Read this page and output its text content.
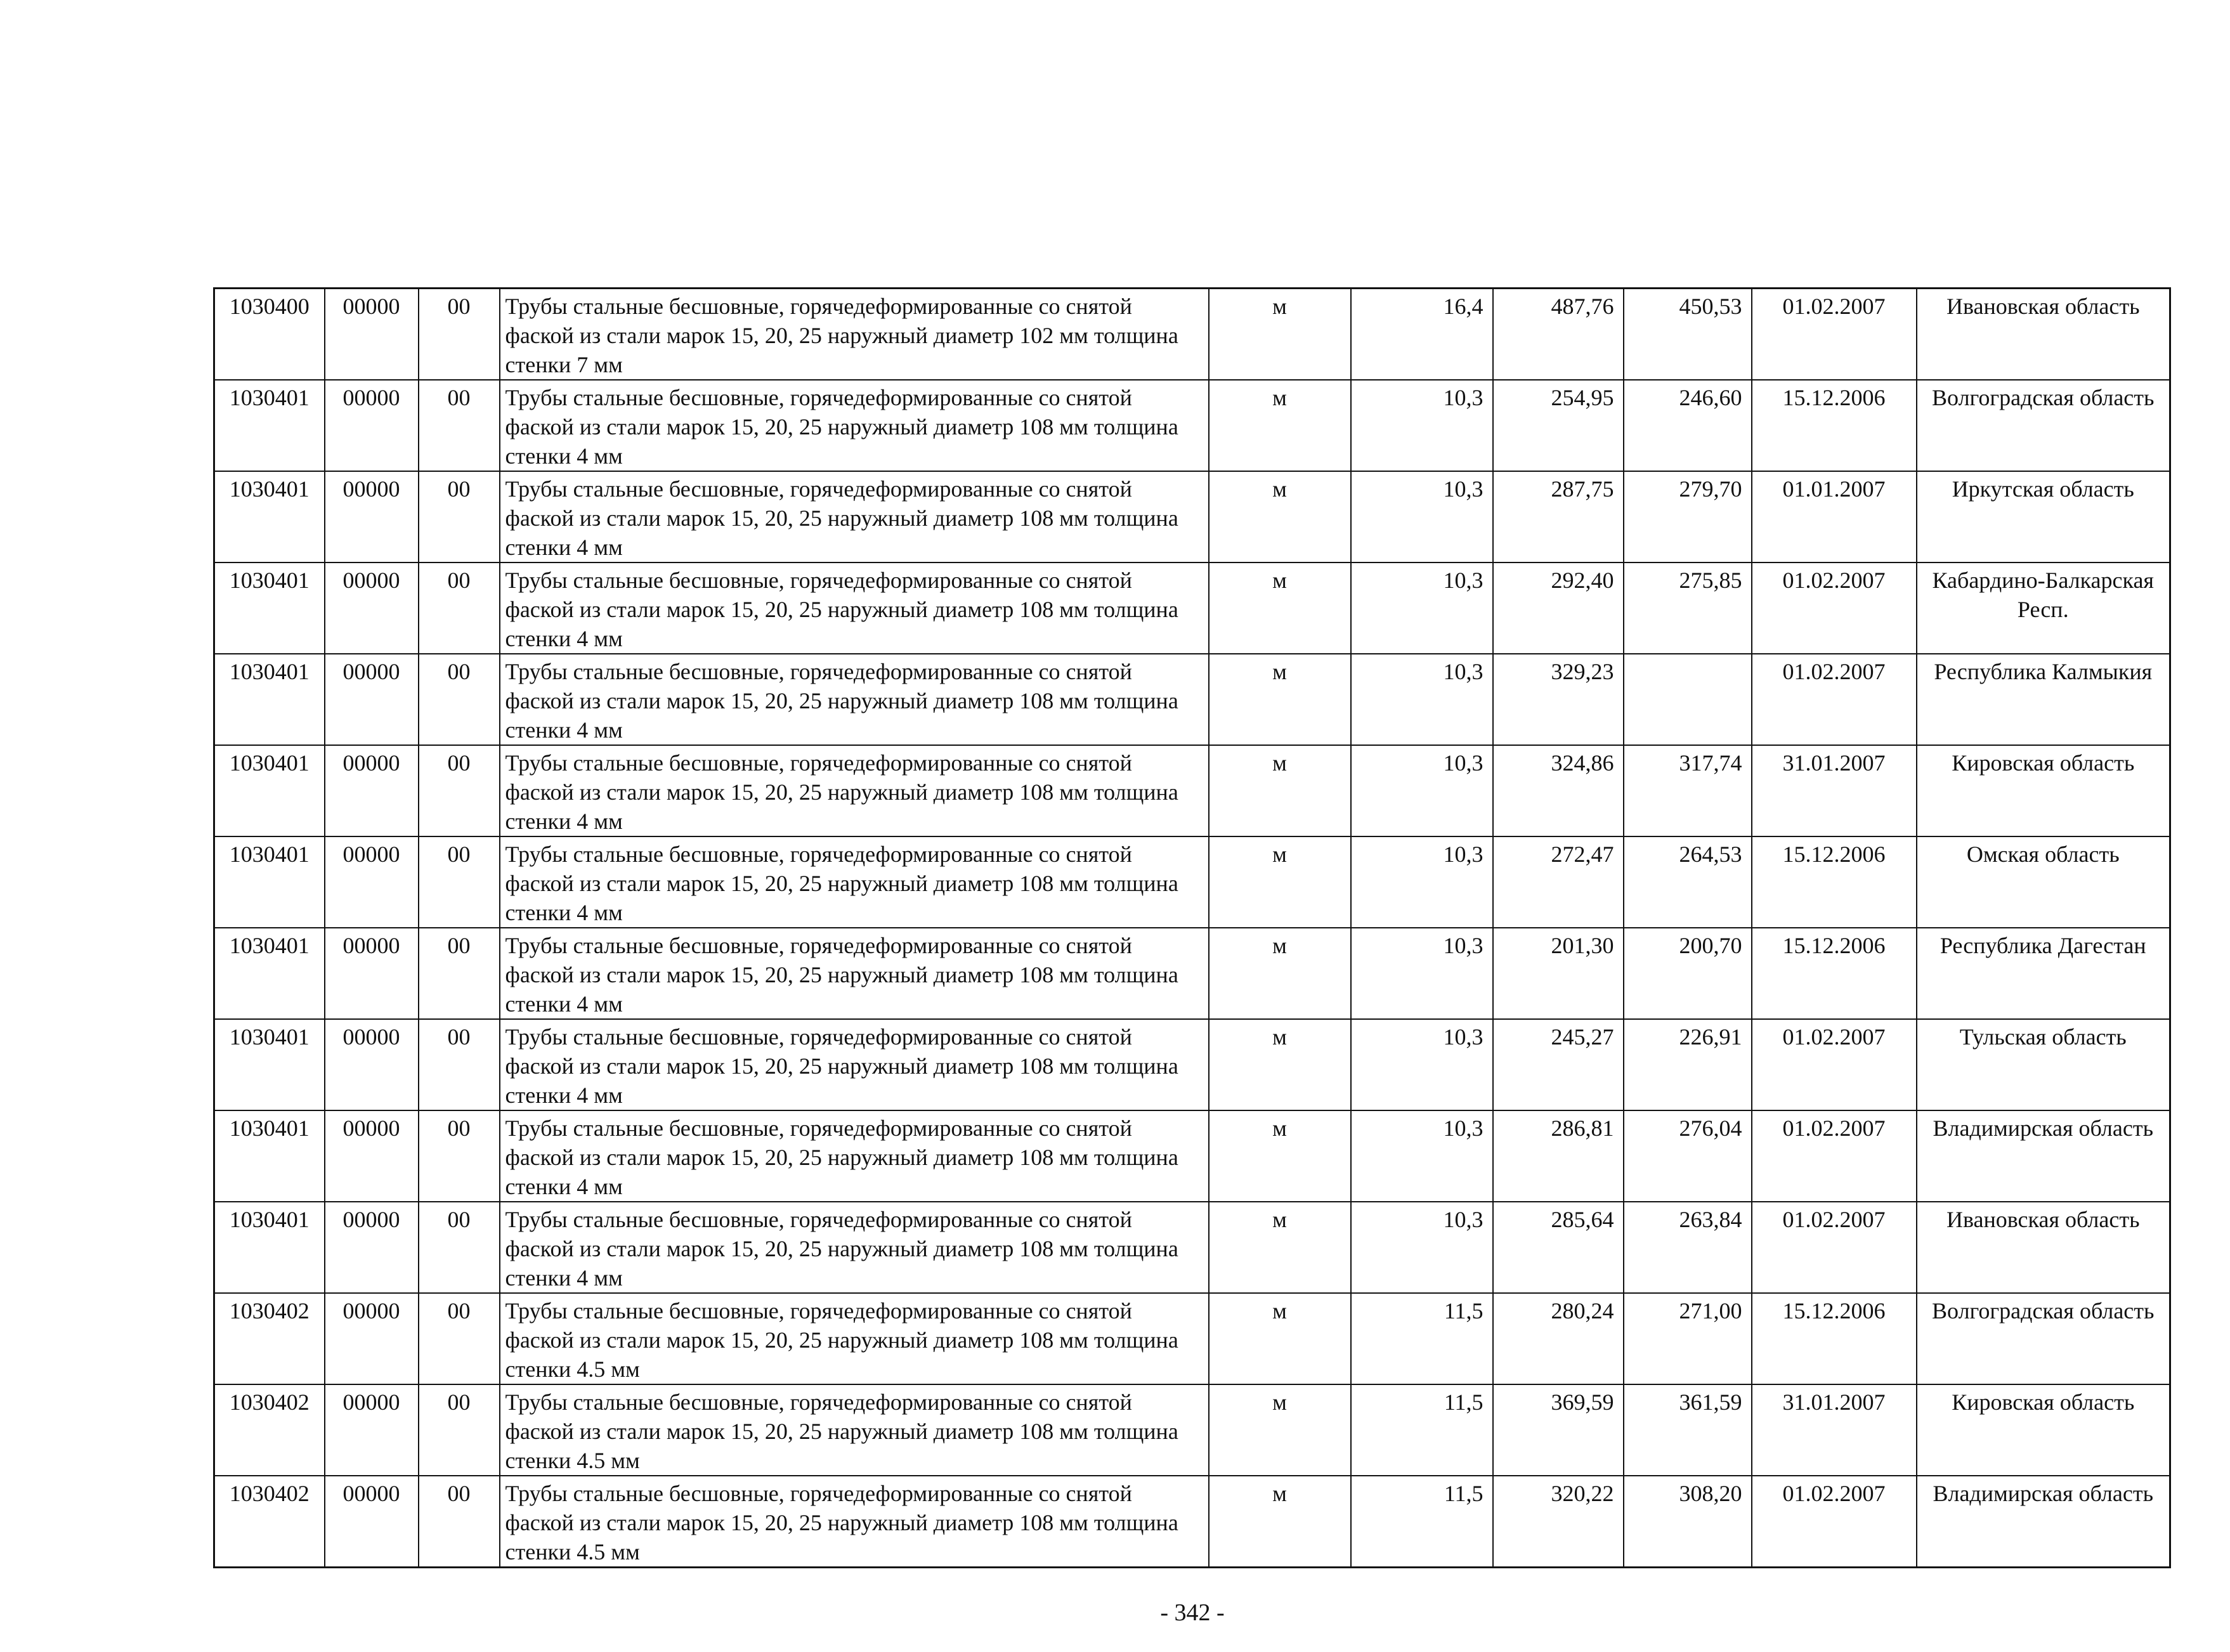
1030400	00000	00	Трубы стальные бесшовные, горячедеформированные со снятой фаской из стали марок 15, 20, 25 наружный диаметр 102 мм толщина стенки 7 мм	м	16,4	487,76	450,53	01.02.2007	Ивановская область
1030401	00000	00	Трубы стальные бесшовные, горячедеформированные со снятой фаской из стали марок 15, 20, 25 наружный диаметр 108 мм толщина стенки 4 мм	м	10,3	254,95	246,60	15.12.2006	Волгоградская область
1030401	00000	00	Трубы стальные бесшовные, горячедеформированные со снятой фаской из стали марок 15, 20, 25 наружный диаметр 108 мм толщина стенки 4 мм	м	10,3	287,75	279,70	01.01.2007	Иркутская область
1030401	00000	00	Трубы стальные бесшовные, горячедеформированные со снятой фаской из стали марок 15, 20, 25 наружный диаметр 108 мм толщина стенки 4 мм	м	10,3	292,40	275,85	01.02.2007	Кабардино-Балкарская Респ.
1030401	00000	00	Трубы стальные бесшовные, горячедеформированные со снятой фаской из стали марок 15, 20, 25 наружный диаметр 108 мм толщина стенки 4 мм	м	10,3	329,23		01.02.2007	Республика Калмыкия
1030401	00000	00	Трубы стальные бесшовные, горячедеформированные со снятой фаской из стали марок 15, 20, 25 наружный диаметр 108 мм толщина стенки 4 мм	м	10,3	324,86	317,74	31.01.2007	Кировская область
1030401	00000	00	Трубы стальные бесшовные, горячедеформированные со снятой фаской из стали марок 15, 20, 25 наружный диаметр 108 мм толщина стенки 4 мм	м	10,3	272,47	264,53	15.12.2006	Омская область
1030401	00000	00	Трубы стальные бесшовные, горячедеформированные со снятой фаской из стали марок 15, 20, 25 наружный диаметр 108 мм толщина стенки 4 мм	м	10,3	201,30	200,70	15.12.2006	Республика Дагестан
1030401	00000	00	Трубы стальные бесшовные, горячедеформированные со снятой фаской из стали марок 15, 20, 25 наружный диаметр 108 мм толщина стенки 4 мм	м	10,3	245,27	226,91	01.02.2007	Тульская область
1030401	00000	00	Трубы стальные бесшовные, горячедеформированные со снятой фаской из стали марок 15, 20, 25 наружный диаметр 108 мм толщина стенки 4 мм	м	10,3	286,81	276,04	01.02.2007	Владимирская область
1030401	00000	00	Трубы стальные бесшовные, горячедеформированные со снятой фаской из стали марок 15, 20, 25 наружный диаметр 108 мм толщина стенки 4 мм	м	10,3	285,64	263,84	01.02.2007	Ивановская область
1030402	00000	00	Трубы стальные бесшовные, горячедеформированные со снятой фаской из стали марок 15, 20, 25 наружный диаметр 108 мм толщина стенки 4.5 мм	м	11,5	280,24	271,00	15.12.2006	Волгоградская область
1030402	00000	00	Трубы стальные бесшовные, горячедеформированные со снятой фаской из стали марок 15, 20, 25 наружный диаметр 108 мм толщина стенки 4.5 мм	м	11,5	369,59	361,59	31.01.2007	Кировская область
1030402	00000	00	Трубы стальные бесшовные, горячедеформированные со снятой фаской из стали марок 15, 20, 25 наружный диаметр 108 мм толщина стенки 4.5 мм	м	11,5	320,22	308,20	01.02.2007	Владимирская область
- 342 -
